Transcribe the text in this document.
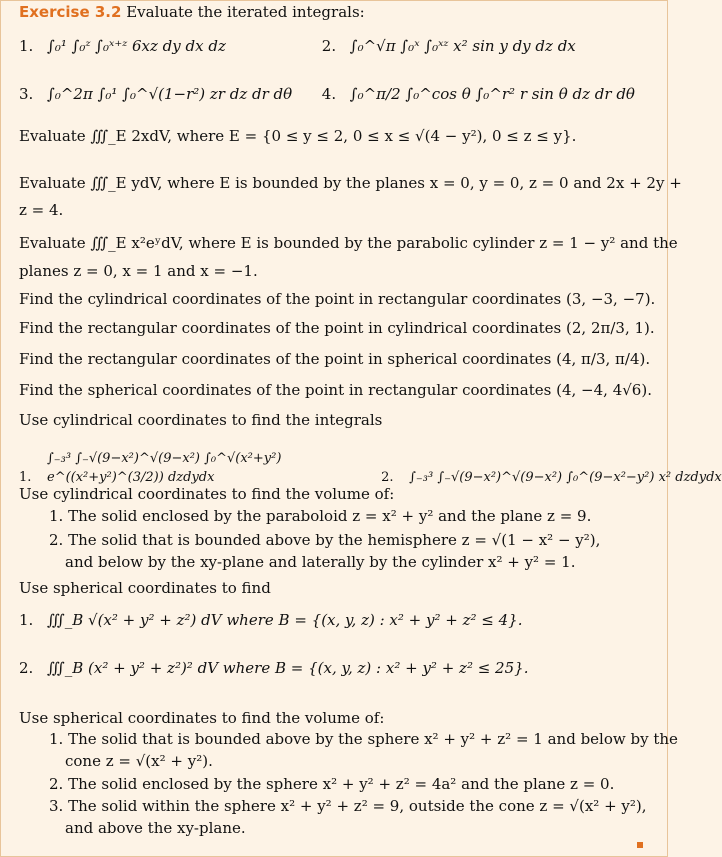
Exercise 3.2 Evaluate the iterated integrals:
1. ∫₀¹ ∫₀ᶻ ∫₀ˣ⁺ᶻ 6xz dy dx dz	2. ∫₀^√π ∫₀ˣ ∫₀ˣᶻ x² sin y dy dz dx
3. ∫₀^2π ∫₀¹ ∫₀^√(1−r²) zr dz dr dθ 4. ∫₀^π/2 ∫₀^cos θ ∫₀^r² r sin θ dz dr dθ
Evaluate ∭_E 2xdV, where E = {0 ≤ y ≤ 2, 0 ≤ x ≤ √(4 − y²), 0 ≤ z ≤ y}.
Evaluate ∭_E ydV, where E is bounded by the planes x = 0, y = 0, z = 0 and 2x + 2y +
z = 4.
Evaluate ∭_E x²eʸdV, where E is bounded by the parabolic cylinder z = 1 − y² and the
planes z = 0, x = 1 and x = −1.
Find the cylindrical coordinates of the point in rectangular coordinates (3, −3, −7).
Find the rectangular coordinates of the point in cylindrical coordinates (2, 2π/3, 1).
Find the rectangular coordinates of the point in spherical coordinates (4, π/3, π/4).
Find the spherical coordinates of the point in rectangular coordinates (4, −4, 4√6).
Use cylindrical coordinates to find the integrals
1.∫₋₃³ ∫₋√(9−x²)^√(9−x²) ∫₀^√(x²+y²) e^((x²+y²)^(3/2)) dzdydx	2. ∫₋₃³ ∫₋√(9−x²)^√(9−x²) ∫₀^(9−x²−y²) x² dzdydx
Use cylindrical coordinates to find the volume of:
1. The solid enclosed by the paraboloid z = x² + y² and the plane z = 9.
2. The solid that is bounded above by the hemisphere z = √(1 − x² − y²),
and below by the xy-plane and laterally by the cylinder x² + y² = 1.
Use spherical coordinates to find
1. ∭_B √(x² + y² + z²) dV where B = {(x, y, z) : x² + y² + z² ≤ 4}.
2. ∭_B (x² + y² + z²)² dV where B = {(x, y, z) : x² + y² + z² ≤ 25}.
Use spherical coordinates to find the volume of:
1. The solid that is bounded above by the sphere x² + y² + z² = 1 and below by the
cone z = √(x² + y²).
2. The solid enclosed by the sphere x² + y² + z² = 4a² and the plane z = 0.
3. The solid within the sphere x² + y² + z² = 9, outside the cone z = √(x² + y²),
and above the xy-plane.
